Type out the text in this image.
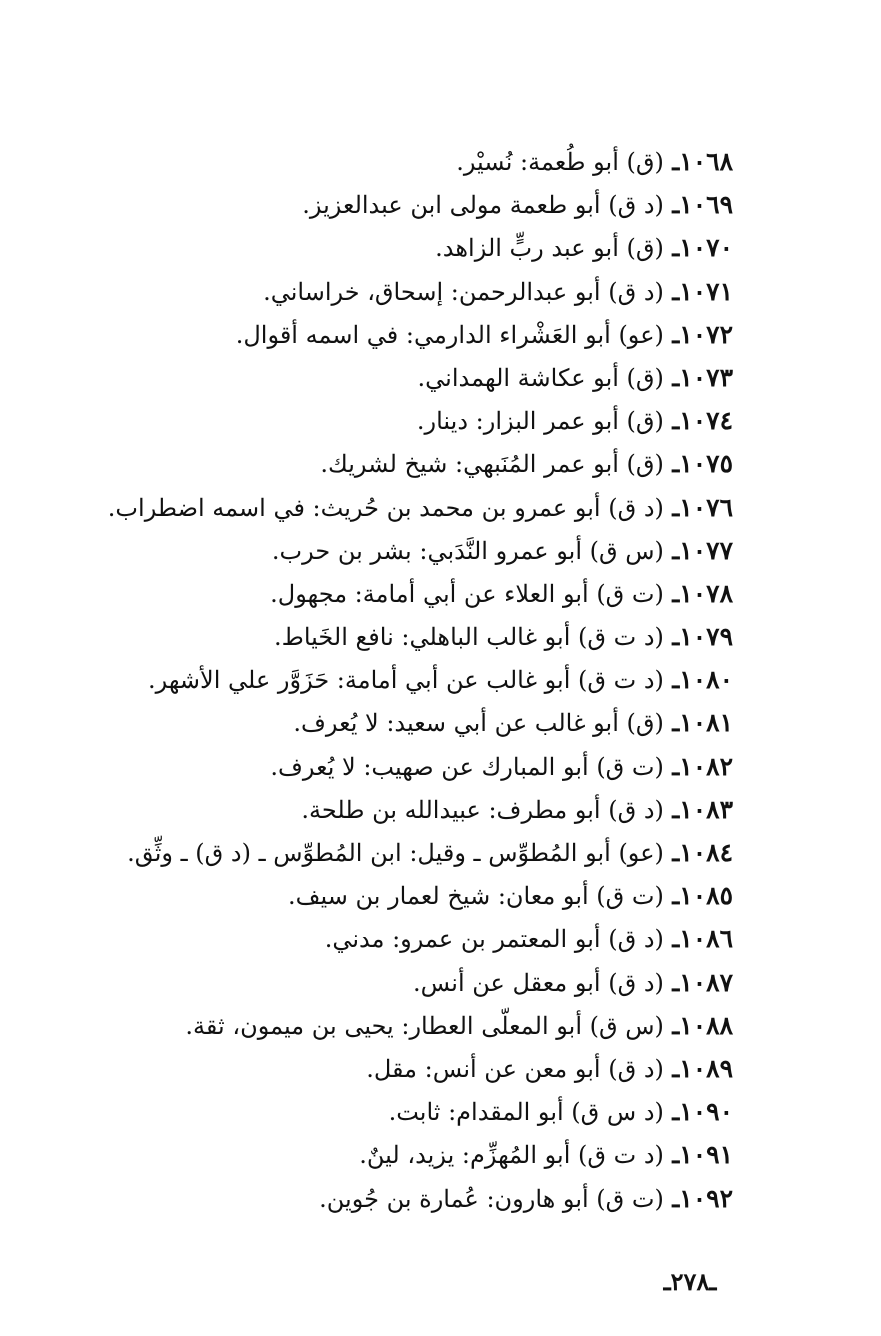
١٠٦٨ـ (ق) أبو طُعمة: نُسيْر.
١٠٦٩ـ (د ق) أبو طعمة مولى ابن عبدالعزيز.
١٠٧٠ـ (ق) أبو عبد ربٍّ الزاهد.
١٠٧١ـ (د ق) أبو عبدالرحمن: إسحاق، خراساني.
١٠٧٢ـ (عو) أبو العَشْراء الدارمي: في اسمه أقوال.
١٠٧٣ـ (ق) أبو عكاشة الهمداني.
١٠٧٤ـ (ق) أبو عمر البزار: دينار.
١٠٧٥ـ (ق) أبو عمر المُنَبهي: شيخ لشريك.
١٠٧٦ـ (د ق) أبو عمرو بن محمد بن حُريث: في اسمه اضطراب.
١٠٧٧ـ (س ق) أبو عمرو النَّدَبي: بشر بن حرب.
١٠٧٨ـ (ت ق) أبو العلاء عن أبي أمامة: مجهول.
١٠٧٩ـ (د ت ق) أبو غالب الباهلي: نافع الخَياط.
١٠٨٠ـ (د ت ق) أبو غالب عن أبي أمامة: حَزَوَّر علي الأشهر.
١٠٨١ـ (ق) أبو غالب عن أبي سعيد: لا يُعرف.
١٠٨٢ـ (ت ق) أبو المبارك عن صهيب: لا يُعرف.
١٠٨٣ـ (د ق) أبو مطرف: عبيدالله بن طلحة.
١٠٨٤ـ (عو) أبو المُطوِّس ـ وقيل: ابن المُطوِّس ـ (د ق) ـ وثِّق.
١٠٨٥ـ (ت ق) أبو معان: شيخ لعمار بن سيف.
١٠٨٦ـ (د ق) أبو المعتمر بن عمرو: مدني.
١٠٨٧ـ (د ق) أبو معقل عن أنس.
١٠٨٨ـ (س ق) أبو المعلّى العطار: يحيى بن ميمون، ثقة.
١٠٨٩ـ (د ق) أبو معن عن أنس: مقل.
١٠٩٠ـ (د س ق) أبو المقدام: ثابت.
١٠٩١ـ (د ت ق) أبو المُهزِّم: يزيد، لينٌ.
١٠٩٢ـ (ت ق) أبو هارون: عُمارة بن جُوين.
ـ٢٧٨ـ
